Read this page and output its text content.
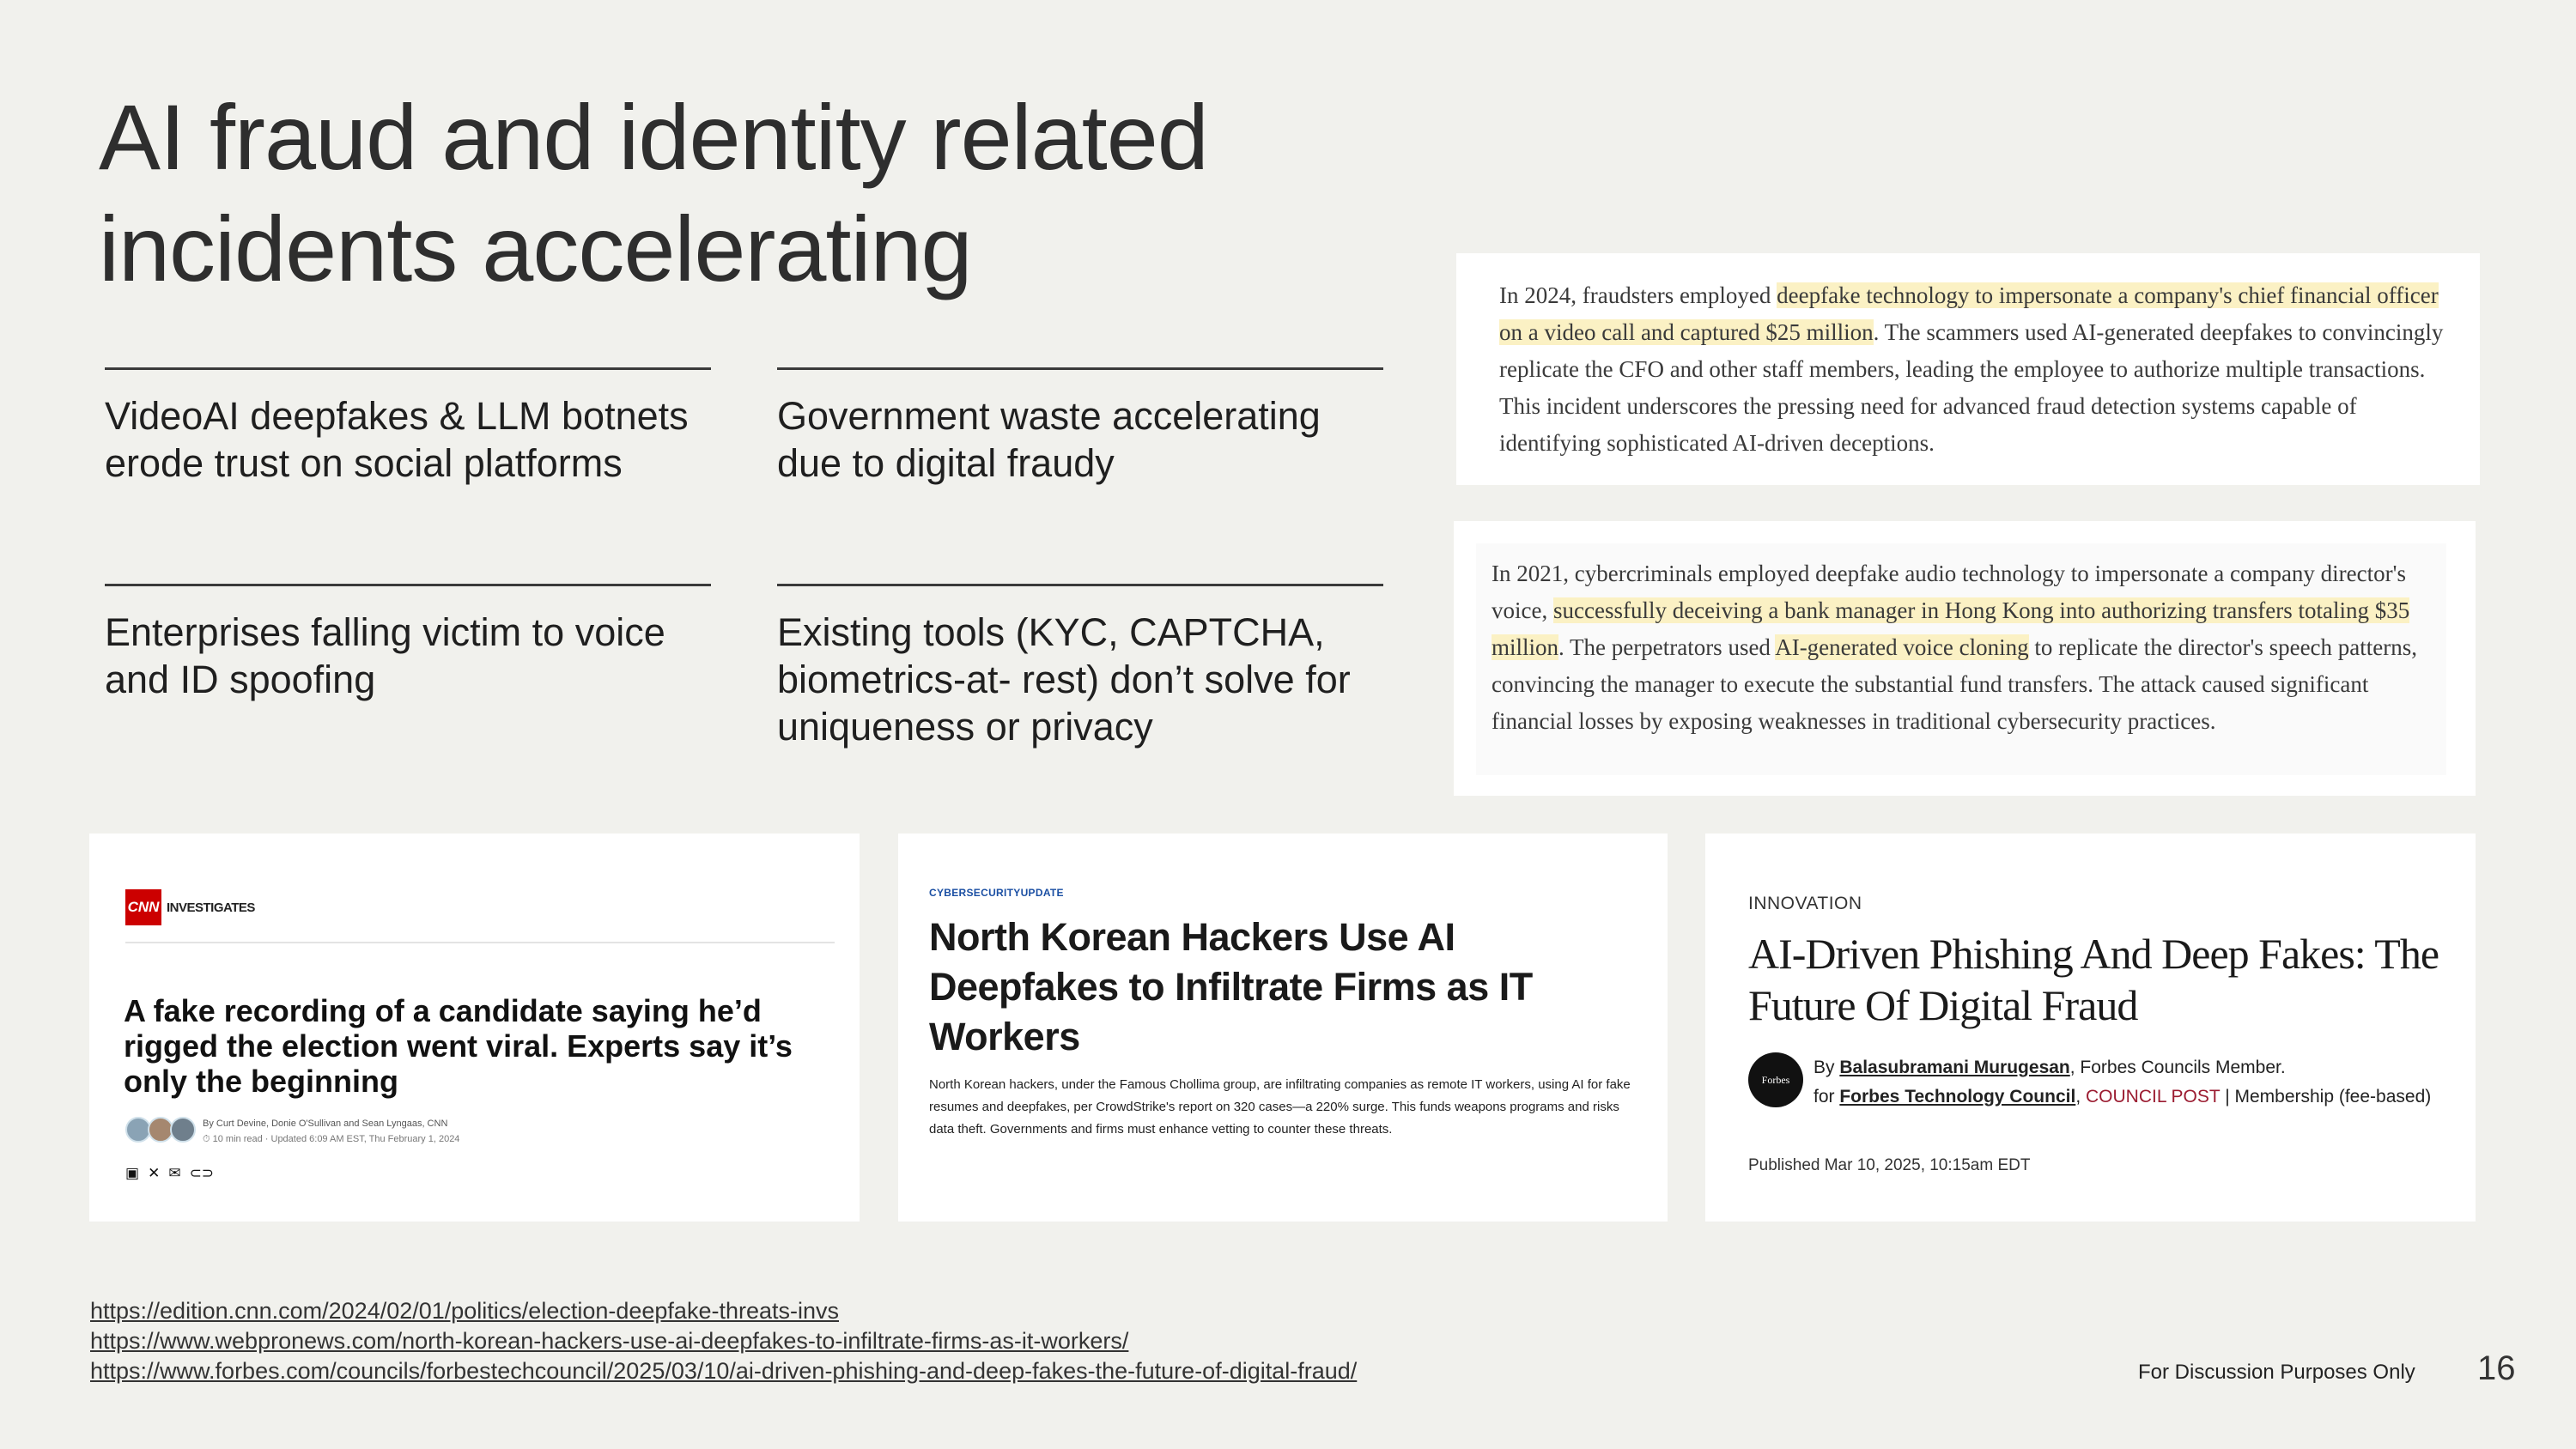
AI fraud and identity related
incidents accelerating
VideoAI deepfakes & LLM botnets erode trust on social platforms
Government waste accelerating due to digital fraudy
Enterprises falling victim to voice and ID spoofing
Existing tools (KYC, CAPTCHA, biometrics-at- rest) don’t solve for uniqueness or privacy
In 2024, fraudsters employed deepfake technology to impersonate a company's chief financial officer on a video call and captured $25 million. The scammers used AI-generated deepfakes to convincingly replicate the CFO and other staff members, leading the employee to authorize multiple transactions. This incident underscores the pressing need for advanced fraud detection systems capable of identifying sophisticated AI-driven deceptions.
In 2021, cybercriminals employed deepfake audio technology to impersonate a company director's voice, successfully deceiving a bank manager in Hong Kong into authorizing transfers totaling $35 million. The perpetrators used AI-generated voice cloning to replicate the director's speech patterns, convincing the manager to execute the substantial fund transfers. The attack caused significant financial losses by exposing weaknesses in traditional cybersecurity practices.
CNN INVESTIGATES
A fake recording of a candidate saying he’d rigged the election went viral. Experts say it’s only the beginning
By Curt Devine, Donie O'Sullivan and Sean Lyngaas, CNN
⏱ 10 min read · Updated 6:09 AM EST, Thu February 1, 2024
▣ ✕ ✉ ⊂⊃
CYBERSECURITYUPDATE
North Korean Hackers Use AI Deepfakes to Infiltrate Firms as IT Workers
North Korean hackers, under the Famous Chollima group, are infiltrating companies as remote IT workers, using AI for fake resumes and deepfakes, per CrowdStrike's report on 320 cases—a 220% surge. This funds weapons programs and risks data theft. Governments and firms must enhance vetting to counter these threats.
INNOVATION
AI-Driven Phishing And Deep Fakes: The Future Of Digital Fraud
Forbes
By Balasubramani Murugesan, Forbes Councils Member.
for Forbes Technology Council, COUNCIL POST | Membership (fee-based)
Published Mar 10, 2025, 10:15am EDT
https://edition.cnn.com/2024/02/01/politics/election-deepfake-threats-invs
https://www.webpronews.com/north-korean-hackers-use-ai-deepfakes-to-infiltrate-firms-as-it-workers/
https://www.forbes.com/councils/forbestechcouncil/2025/03/10/ai-driven-phishing-and-deep-fakes-the-future-of-digital-fraud/	For Discussion Purposes Only 16
